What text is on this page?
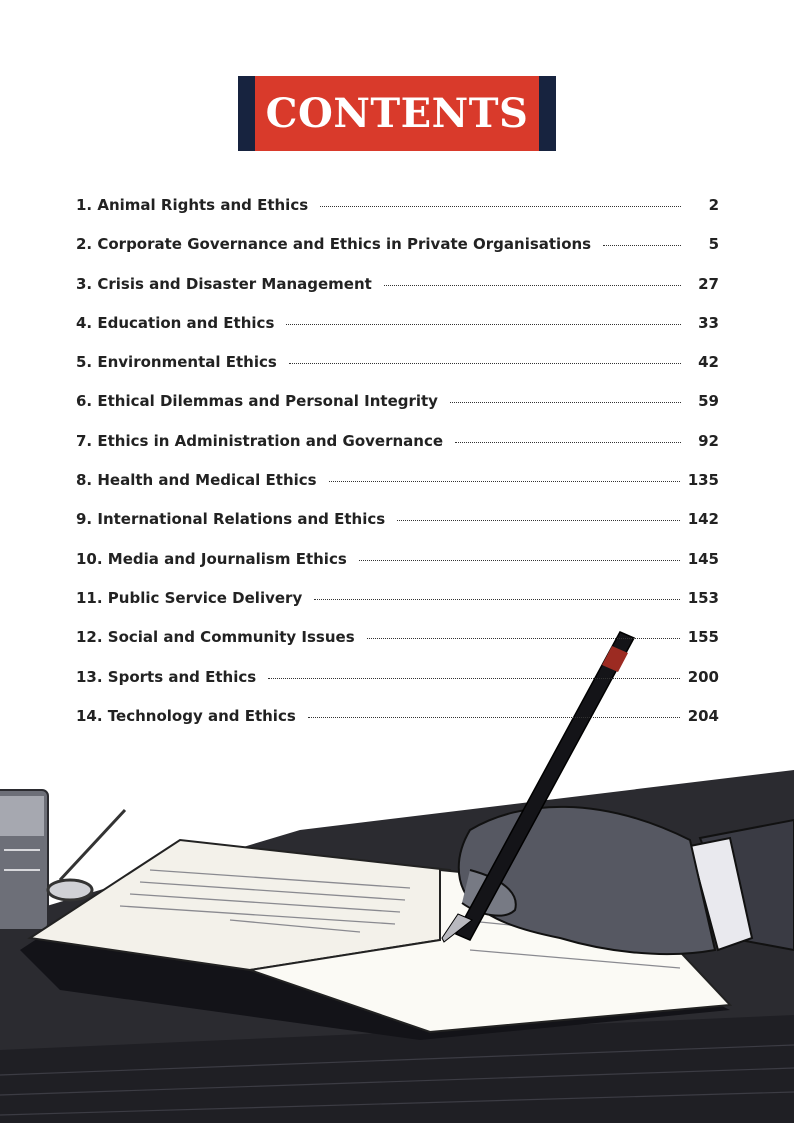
CONTENTS
1. Animal Rights and Ethics	2
2. Corporate Governance and Ethics in Private Organisations	5
3. Crisis and Disaster Management	27
4. Education and Ethics	33
5. Environmental Ethics	42
6. Ethical Dilemmas and Personal Integrity	59
7. Ethics in Administration and Governance	92
8. Health and Medical Ethics	135
9. International Relations and Ethics	142
10. Media and Journalism Ethics	145
11. Public Service Delivery	153
12. Social and Community Issues	155
13. Sports and Ethics	200
14. Technology and Ethics	204
